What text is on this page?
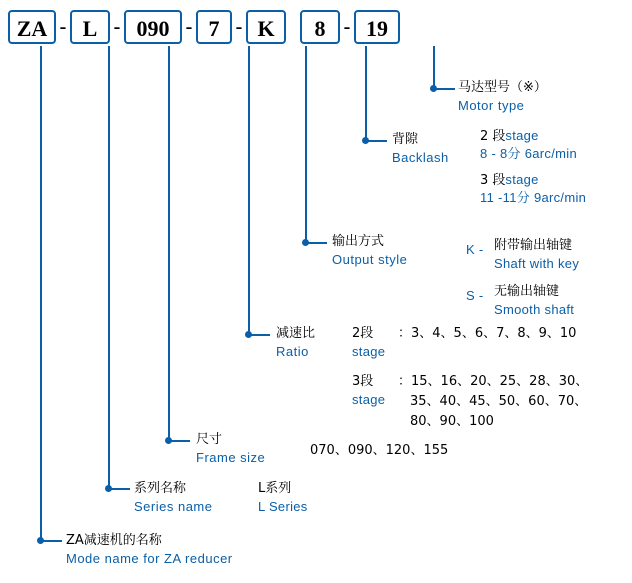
ZA - L - 090 - 7 - K	8 - 19
马达型号（※）
Motor type
背隙
Backlash
2 段stage
8 - 8分 6arc/min
3 段stage
11 -11分 9arc/min
输出方式
Output style
K - 附带输出轴键
Shaft with key
S - 无输出轴键
Smooth shaft
减速比
Ratio
2段
stage
：3、4、5、6、7、8、9、10
3段
stage
：15、16、20、25、28、30、
35、40、45、50、60、70、
80、90、100
尺寸
Frame size	070、090、120、155
系列名称
Series name
L系列
L Series
ZA减速机的名称
Mode name for ZA reducer
